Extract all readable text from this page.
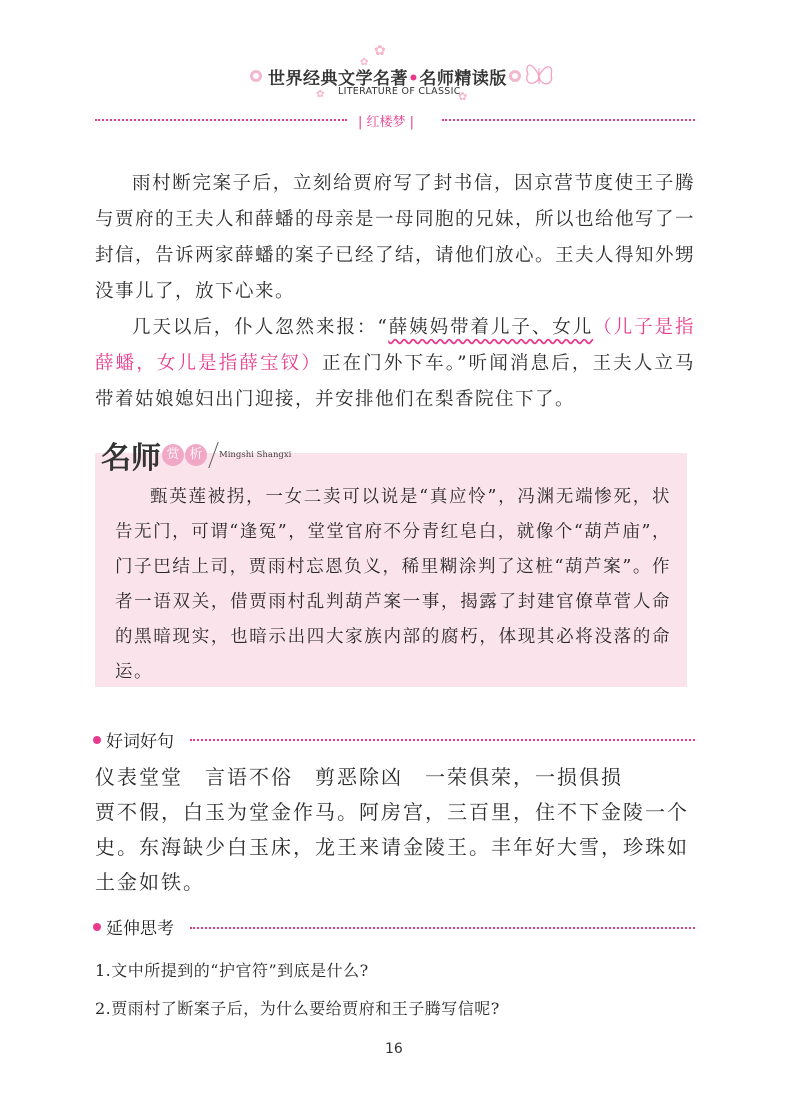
✿
✿
✿	✿
世界经典文学名著•名师精读版
LITERATURE OF CLASSIC
| 红楼梦 |

雨村断完案子后，立刻给贾府写了封书信，因京营节度使王子腾与贾府的王夫人和薛蟠的母亲是一母同胞的兄妹，所以也给他写了一封信，告诉两家薛蟠的案子已经了结，请他们放心。王夫人得知外甥没事儿了，放下心来。

几天以后，仆人忽然来报：“薛姨妈带着儿子、女儿（儿子是指薛蟠，女儿是指薛宝钗）正在门外下车。”听闻消息后，王夫人立马带着姑娘媳妇出门迎接，并安排他们在梨香院住下了。

名师 赏 析 Mingshi Shangxi

甄英莲被拐，一女二卖可以说是“真应怜”，冯渊无端惨死，状告无门，可谓“逢冤”，堂堂官府不分青红皂白，就像个“葫芦庙”，门子巴结上司，贾雨村忘恩负义，稀里糊涂判了这桩“葫芦案”。作者一语双关，借贾雨村乱判葫芦案一事，揭露了封建官僚草菅人命的黑暗现实，也暗示出四大家族内部的腐朽，体现其必将没落的命运。

好词好句

仪表堂堂 言语不俗 剪恶除凶 一荣俱荣，一损俱损

贾不假，白玉为堂金作马。阿房宫，三百里，住不下金陵一个史。东海缺少白玉床，龙王来请金陵王。丰年好大雪，珍珠如土金如铁。

延伸思考
1.文中所提到的“护官符”到底是什么?
2.贾雨村了断案子后，为什么要给贾府和王子腾写信呢?
16
